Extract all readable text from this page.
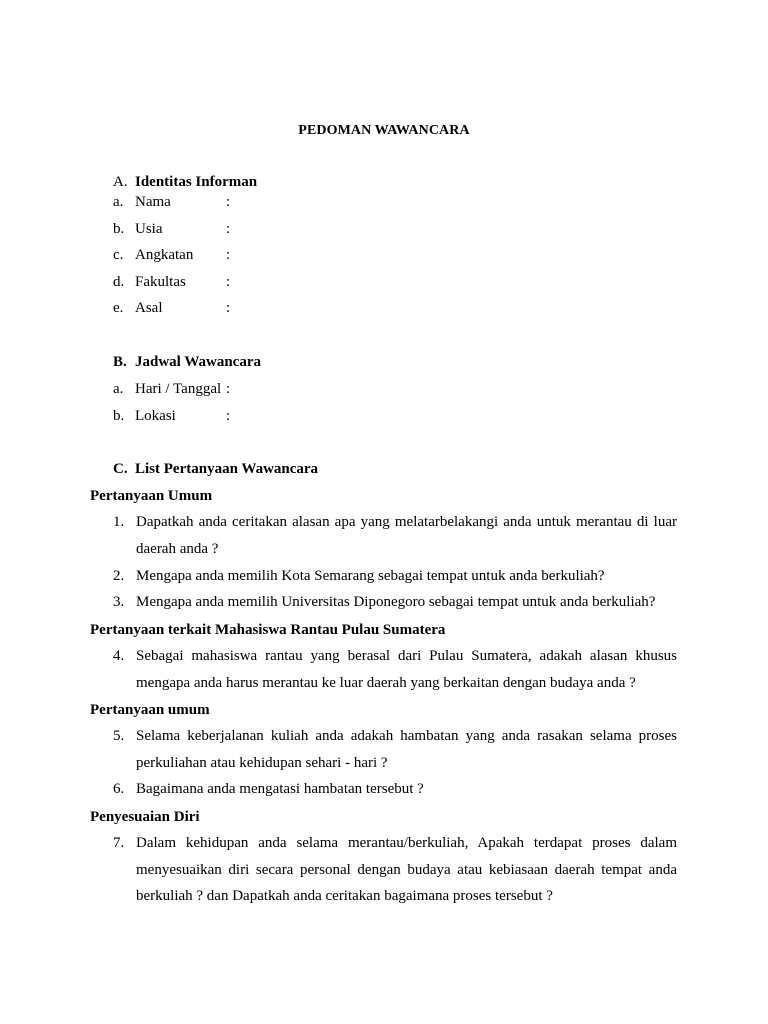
PEDOMAN WAWANCARA
A. Identitas Informan
a. Nama	:
b. Usia	:
c. Angkatan :
d. Fakultas	:
e. Asal	:
B. Jadwal Wawancara
a. Hari / Tanggal :
b. Lokasi	:
C. List Pertanyaan Wawancara
Pertanyaan Umum
1. Dapatkah anda ceritakan alasan apa yang melatarbelakangi anda untuk merantau di luar daerah anda ?
2. Mengapa anda memilih Kota Semarang sebagai tempat untuk anda berkuliah?
3. Mengapa anda memilih Universitas Diponegoro sebagai tempat untuk anda berkuliah?
Pertanyaan terkait Mahasiswa Rantau Pulau Sumatera
4. Sebagai mahasiswa rantau yang berasal dari Pulau Sumatera, adakah alasan khusus mengapa anda harus merantau ke luar daerah yang berkaitan dengan budaya anda ?
Pertanyaan umum
5. Selama keberjalanan kuliah anda adakah hambatan yang anda rasakan selama proses perkuliahan atau kehidupan sehari - hari ?
6. Bagaimana anda mengatasi hambatan tersebut ?
Penyesuaian Diri
7. Dalam kehidupan anda selama merantau/berkuliah, Apakah terdapat proses dalam menyesuaikan diri secara personal dengan budaya atau kebiasaan daerah tempat anda berkuliah ? dan Dapatkah anda ceritakan bagaimana proses tersebut ?
